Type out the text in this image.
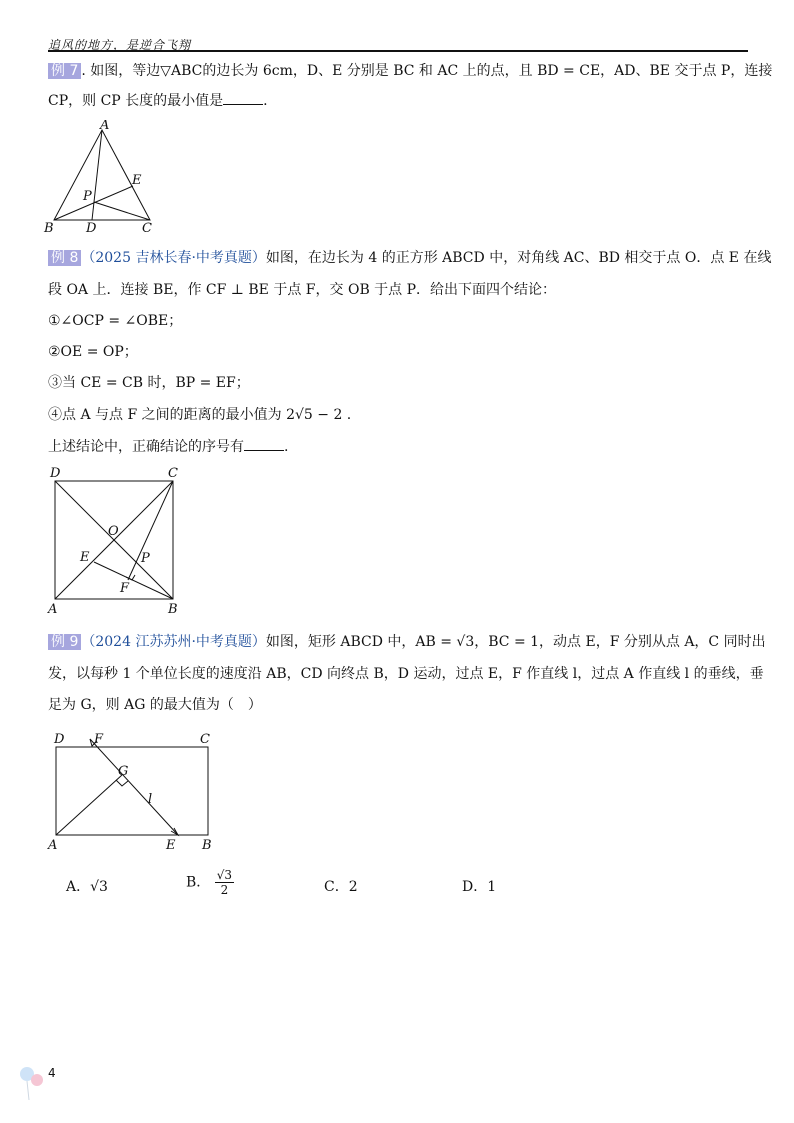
追风的地方，是逆合飞翔
例 7 . 如图，等边▽ABC的边长为 6cm，D、E 分别是 BC 和 AC 上的点，且 BD = CE，AD、BE 交于点 P，连接
CP，则 CP 长度的最小值是	.
A
B D	C
E
P
例 8 （2025 吉林长春·中考真题）如图，在边长为 4 的正方形 ABCD 中，对角线 AC、BD 相交于点 O．点 E 在线
段 OA 上．连接 BE，作 CF ⊥ BE 于点 F，交 OB 于点 P．给出下面四个结论：
①∠OCP = ∠OBE；
②OE = OP；
③当 CE = CB 时，BP = EF；
④点 A 与点 F 之间的距离的最小值为 2√5 − 2 .
上述结论中，正确结论的序号有	.
D	C
A	B
O
E	P
F
例 9 （2024 江苏苏州·中考真题）如图，矩形 ABCD 中，AB = √3，BC = 1，动点 E，F 分别从点 A，C 同时出
发，以每秒 1 个单位长度的速度沿 AB，CD 向终点 B，D 运动，过点 E，F 作直线 l，过点 A 作直线 l 的垂线，垂
足为 G，则 AG 的最大值为（　）
D F	C
G
l
A	E B
A．√3	B． $\frac{√3}{2}$	C．2	D．1
4
